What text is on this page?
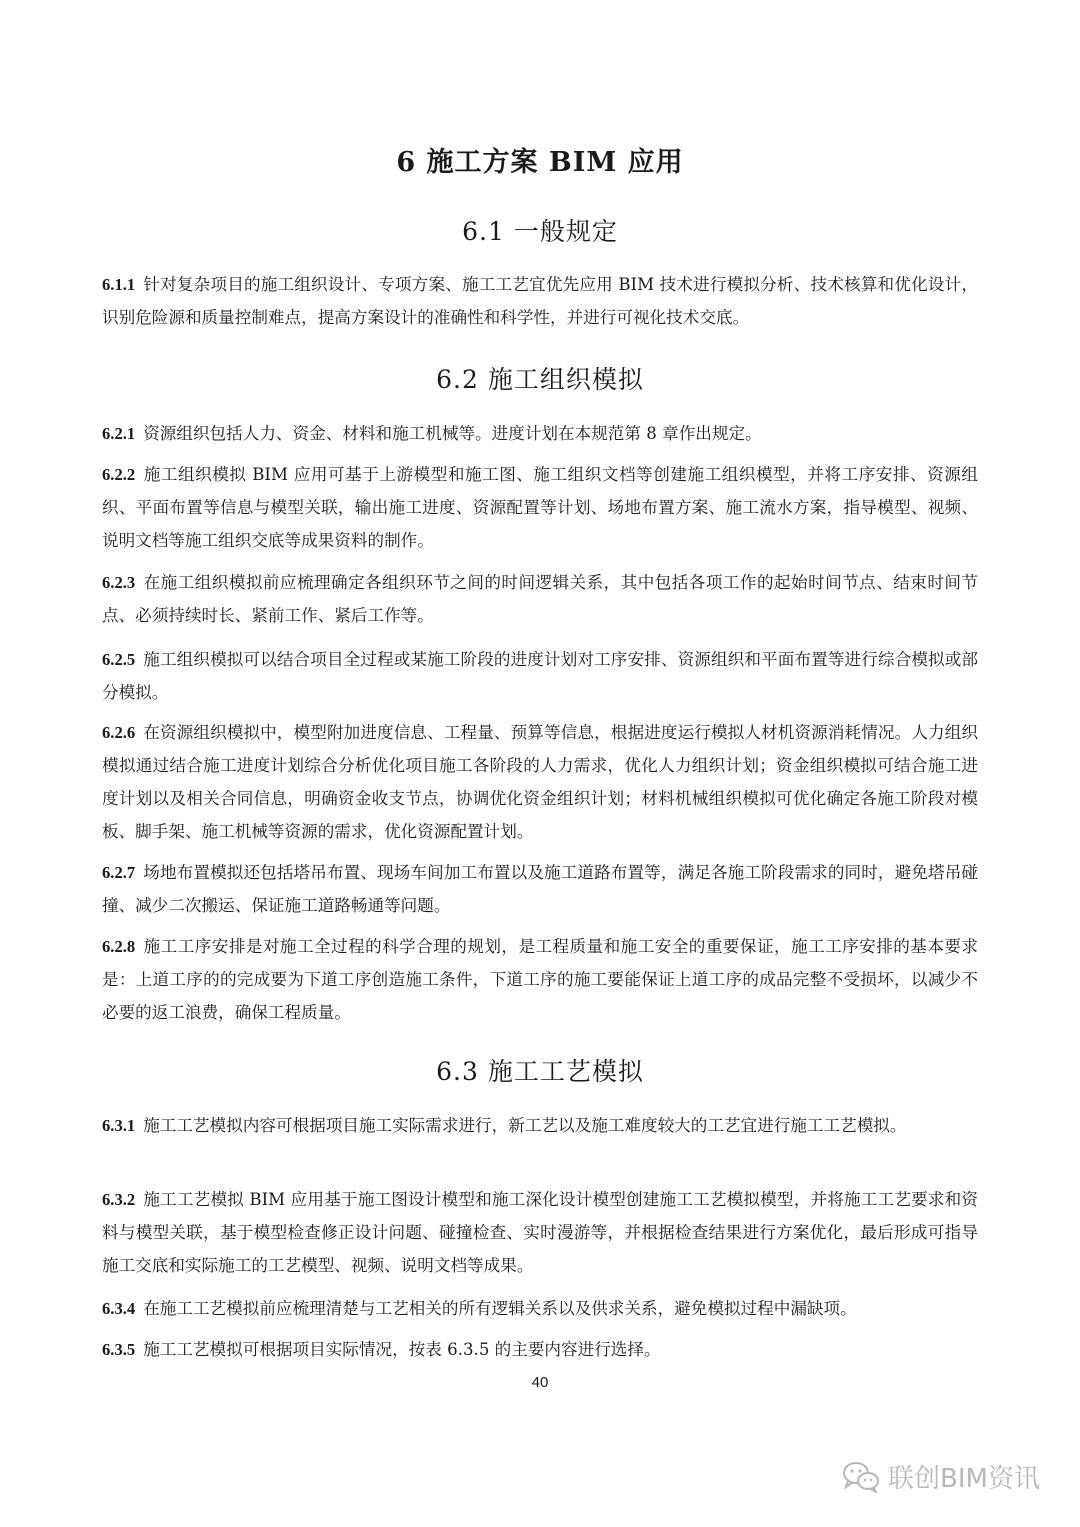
6 施工方案 BIM 应用
6.1 一般规定

6.1.1 针对复杂项目的施工组织设计、专项方案、施工工艺宜优先应用 BIM 技术进行模拟分析、技术核算和优化设计，识别危险源和质量控制难点，提高方案设计的准确性和科学性，并进行可视化技术交底。

6.2 施工组织模拟

6.2.1 资源组织包括人力、资金、材料和施工机械等。进度计划在本规范第 8 章作出规定。

6.2.2 施工组织模拟 BIM 应用可基于上游模型和施工图、施工组织文档等创建施工组织模型，并将工序安排、资源组织、平面布置等信息与模型关联，输出施工进度、资源配置等计划、场地布置方案、施工流水方案，指导模型、视频、说明文档等施工组织交底等成果资料的制作。

6.2.3 在施工组织模拟前应梳理确定各组织环节之间的时间逻辑关系，其中包括各项工作的起始时间节点、结束时间节点、必须持续时长、紧前工作、紧后工作等。

6.2.5 施工组织模拟可以结合项目全过程或某施工阶段的进度计划对工序安排、资源组织和平面布置等进行综合模拟或部分模拟。

6.2.6 在资源组织模拟中，模型附加进度信息、工程量、预算等信息，根据进度运行模拟人材机资源消耗情况。人力组织模拟通过结合施工进度计划综合分析优化项目施工各阶段的人力需求，优化人力组织计划；资金组织模拟可结合施工进度计划以及相关合同信息，明确资金收支节点，协调优化资金组织计划；材料机械组织模拟可优化确定各施工阶段对模板、脚手架、施工机械等资源的需求，优化资源配置计划。

6.2.7 场地布置模拟还包括塔吊布置、现场车间加工布置以及施工道路布置等，满足各施工阶段需求的同时，避免塔吊碰撞、减少二次搬运、保证施工道路畅通等问题。

6.2.8 施工工序安排是对施工全过程的科学合理的规划，是工程质量和施工安全的重要保证，施工工序安排的基本要求是：上道工序的的完成要为下道工序创造施工条件，下道工序的施工要能保证上道工序的成品完整不受损坏，以减少不必要的返工浪费，确保工程质量。

6.3 施工工艺模拟

6.3.1 施工工艺模拟内容可根据项目施工实际需求进行，新工艺以及施工难度较大的工艺宜进行施工工艺模拟。

6.3.2 施工工艺模拟 BIM 应用基于施工图设计模型和施工深化设计模型创建施工工艺模拟模型，并将施工工艺要求和资料与模型关联，基于模型检查修正设计问题、碰撞检查、实时漫游等，并根据检查结果进行方案优化，最后形成可指导施工交底和实际施工的工艺模型、视频、说明文档等成果。

6.3.4 在施工工艺模拟前应梳理清楚与工艺相关的所有逻辑关系以及供求关系，避免模拟过程中漏缺项。

6.3.5 施工工艺模拟可根据项目实际情况，按表 6.3.5 的主要内容进行选择。

40
联创BIM资讯
